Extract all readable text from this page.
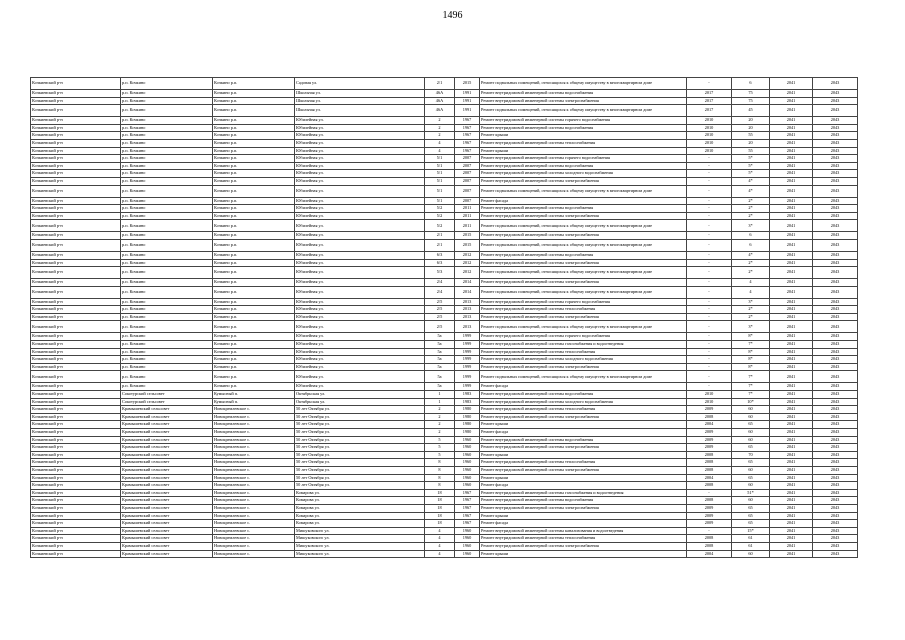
1496
Кочкиевский р-н	р.п. Кочкино	Кочкино р.п.	Садовая ул.	2/1	2015	Ремонт подвальных помещений, относящихся к общему имуществу в многоквартирном доме	-	6	2041	2043
Кочкиевский р-н	р.п. Кочкино	Кочкино р.п.	Школьная ул.	46А	1991	Ремонт внутридомовой инженерной системы водоснабжения	2017	75	2041	2043
Кочкиевский р-н	р.п. Кочкино	Кочкино р.п.	Школьная ул.	46А	1991	Ремонт внутридомовой инженерной системы электроснабжения	2017	75	2041	2043
Кочкиевский р-н	р.п. Кочкино	Кочкино р.п.	Школьная ул.	46А	1991	Ремонт подвальных помещений, относящихся к общему имуществу в многоквартирном доме	2017	45	2041	2043
Кочкиевский р-н	р.п. Кочкино	Кочкино р.п.	Юбилейная ул.	2	1967	Ремонт внутридомовой инженерной системы горячего водоснабжения	2010	20	2041	2043
Кочкиевский р-н	р.п. Кочкино	Кочкино р.п.	Юбилейная ул.	2	1967	Ремонт внутридомовой инженерной системы водоснабжения	2010	20	2041	2043
Кочкиевский р-н	р.п. Кочкино	Кочкино р.п.	Юбилейная ул.	2	1967	Ремонт крыши	2010	55	2041	2043
Кочкиевский р-н	р.п. Кочкино	Кочкино р.п.	Юбилейная ул.	4	1967	Ремонт внутридомовой инженерной системы теплоснабжения	2010	20	2041	2043
Кочкиевский р-н	р.п. Кочкино	Кочкино р.п.	Юбилейная ул.	4	1967	Ремонт крыши	2010	55	2041	2043
Кочкиевский р-н	р.п. Кочкино	Кочкино р.п.	Юбилейная ул.	5/1	2007	Ремонт внутридомовой инженерной системы горячего водоснабжения	-	5*	2041	2043
Кочкиевский р-н	р.п. Кочкино	Кочкино р.п.	Юбилейная ул.	5/1	2007	Ремонт внутридомовой инженерной системы водоснабжения	-	5*	2041	2043
Кочкиевский р-н	р.п. Кочкино	Кочкино р.п.	Юбилейная ул.	5/1	2007	Ремонт внутридомовой инженерной системы холодного водоснабжения	-	5*	2041	2043
Кочкиевский р-н	р.п. Кочкино	Кочкино р.п.	Юбилейная ул.	5/1	2007	Ремонт внутридомовой инженерной системы электроснабжения	-	4*	2041	2043
Кочкиевский р-н	р.п. Кочкино	Кочкино р.п.	Юбилейная ул.	5/1	2007	Ремонт подвальных помещений, относящихся к общему имуществу в многоквартирном доме	-	4*	2041	2043
Кочкиевский р-н	р.п. Кочкино	Кочкино р.п.	Юбилейная ул.	5/1	2007	Ремонт фасада	-	2*	2041	2043
Кочкиевский р-н	р.п. Кочкино	Кочкино р.п.	Юбилейная ул.	5/2	2011	Ремонт внутридомовой инженерной системы водоснабжения	-	2*	2041	2043
Кочкиевский р-н	р.п. Кочкино	Кочкино р.п.	Юбилейная ул.	5/2	2011	Ремонт внутридомовой инженерной системы электроснабжения	-	2*	2041	2043
Кочкиевский р-н	р.п. Кочкино	Кочкино р.п.	Юбилейная ул.	5/2	2011	Ремонт подвальных помещений, относящихся к общему имуществу в многоквартирном доме	-	3*	2041	2043
Кочкиевский р-н	р.п. Кочкино	Кочкино р.п.	Юбилейная ул.	2/1	2015	Ремонт внутридомовой инженерной системы электроснабжения	-	6	2041	2043
Кочкиевский р-н	р.п. Кочкино	Кочкино р.п.	Юбилейная ул.	2/1	2015	Ремонт подвальных помещений, относящихся к общему имуществу в многоквартирном доме	-	6	2041	2043
Кочкиевский р-н	р.п. Кочкино	Кочкино р.п.	Юбилейная ул.	6/3	2012	Ремонт внутридомовой инженерной системы водоснабжения	-	4*	2041	2043
Кочкиевский р-н	р.п. Кочкино	Кочкино р.п.	Юбилейная ул.	6/3	2012	Ремонт внутридомовой инженерной системы электроснабжения	-	2*	2041	2043
Кочкиевский р-н	р.п. Кочкино	Кочкино р.п.	Юбилейная ул.	5/3	2012	Ремонт подвальных помещений, относящихся к общему имуществу в многоквартирном доме	-	2*	2041	2043
Кочкиевский р-н	р.п. Кочкино	Кочкино р.п.	Юбилейная ул.	2/4	2014	Ремонт внутридомовой инженерной системы электроснабжения	-	4	2041	2043
Кочкиевский р-н	р.п. Кочкино	Кочкино р.п.	Юбилейная ул.	2/4	2014	Ремонт подвальных помещений, относящихся к общему имуществу в многоквартирном доме	-	4	2041	2043
Кочкиевский р-н	р.п. Кочкино	Кочкино р.п.	Юбилейная ул.	2/5	2013	Ремонт внутридомовой инженерной системы горячего водоснабжения	-	3*	2041	2043
Кочкиевский р-н	р.п. Кочкино	Кочкино р.п.	Юбилейная ул.	2/5	2013	Ремонт внутридомовой инженерной системы теплоснабжения	-	2*	2041	2043
Кочкиевский р-н	р.п. Кочкино	Кочкино р.п.	Юбилейная ул.	2/5	2013	Ремонт внутридомовой инженерной системы электроснабжения	-	2*	2041	2043
Кочкиевский р-н	р.п. Кочкино	Кочкино р.п.	Юбилейная ул.	2/5	2013	Ремонт подвальных помещений, относящихся к общему имуществу в многоквартирном доме	-	3*	2041	2043
Кочкиевский р-н	р.п. Кочкино	Кочкино р.п.	Юбилейная ул.	5а	1999	Ремонт внутридомовой инженерной системы горячего водоснабжения	-	8*	2041	2043
Кочкиевский р-н	р.п. Кочкино	Кочкино р.п.	Юбилейная ул.	5а	1999	Ремонт внутридомовой инженерной системы газоснабжения и водоотведения	-	7*	2041	2043
Кочкиевский р-н	р.п. Кочкино	Кочкино р.п.	Юбилейная ул.	5а	1999	Ремонт внутридомовой инженерной системы теплоснабжения	-	8*	2041	2043
Кочкиевский р-н	р.п. Кочкино	Кочкино р.п.	Юбилейная ул.	5а	1999	Ремонт внутридомовой инженерной системы холодного водоснабжения	-	8*	2041	2043
Кочкиевский р-н	р.п. Кочкино	Кочкино р.п.	Юбилейная ул.	5а	1999	Ремонт внутридомовой инженерной системы электроснабжения	-	8*	2041	2043
Кочкиевский р-н	р.п. Кочкино	Кочкино р.п.	Юбилейная ул.	5а	1999	Ремонт подвальных помещений, относящихся к общему имуществу в многоквартирном доме	-	7*	2041	2043
Кочкиевский р-н	р.п. Кочкино	Кочкино р.п.	Юбилейная ул.	5а	1999	Ремонт фасада	-	7*	2041	2043
Кочкиевский р-н	Сокотурский сельсовет	Кумысный п.	Октябрьская ул.	1	1983	Ремонт внутридомовой инженерной системы водоснабжения	2010	7*	2041	2043
Кочкиевский р-н	Сокотурский сельсовет	Кумысный п.	Октябрьская ул.	1	1983	Ремонт внутридомовой инженерной системы холодного водоснабжения	2010	10*	2041	2043
Кочкиевский р-н	Крамышевский сельсовет	Новокремлевское с.	50 лет Октября ул.	2	1980	Ремонт внутридомовой инженерной системы теплоснабжения	2009	60	2041	2043
Кочкиевский р-н	Крамышевский сельсовет	Новокремлевское с.	50 лет Октября ул.	2	1980	Ремонт внутридомовой инженерной системы электроснабжения	2008	60	2041	2043
Кочкиевский р-н	Крамышевский сельсовет	Новокремлевское с.	50 лет Октября ул.	2	1980	Ремонт крыши	2004	65	2041	2043
Кочкиевский р-н	Крамышевский сельсовет	Новокремлевское с.	50 лет Октября ул.	2	1980	Ремонт фасада	2009	60	2041	2043
Кочкиевский р-н	Крамышевский сельсовет	Новокремлевское с.	50 лет Октября ул.	5	1960	Ремонт внутридомовой инженерной системы водоснабжения	2009	60	2041	2043
Кочкиевский р-н	Крамышевский сельсовет	Новокремлевское с.	50 лет Октября ул.	5	1960	Ремонт внутридомовой инженерной системы электроснабжения	2009	65	2041	2043
Кочкиевский р-н	Крамышевский сельсовет	Новокремлевское с.	50 лет Октября ул.	5	1960	Ремонт крыши	2008	70	2041	2043
Кочкиевский р-н	Крамышевский сельсовет	Новокремлевское с.	50 лет Октября ул.	8	1960	Ремонт внутридомовой инженерной системы теплоснабжения	2008	65	2041	2043
Кочкиевский р-н	Крамышевский сельсовет	Новокремлевское с.	50 лет Октября ул.	8	1960	Ремонт внутридомовой инженерной системы электроснабжения	2008	60	2041	2043
Кочкиевский р-н	Крамышевский сельсовет	Новокремлевское с.	50 лет Октября ул.	8	1960	Ремонт крыши	2004	65	2041	2043
Кочкиевский р-н	Крамышевский сельсовет	Новокремлевское с.	50 лет Октября ул.	8	1960	Ремонт фасада	2008	60	2041	2043
Кочкиевский р-н	Крамышевский сельсовет	Новокремлевское с.	Комарова ул.	18	1967	Ремонт внутридомовой инженерной системы газоснабжения и водоотведения	-	51*	2041	2043
Кочкиевский р-н	Крамышевский сельсовет	Новокремлевское с.	Комарова ул.	18	1967	Ремонт внутридомовой инженерной системы водоснабжения	2008	60	2041	2043
Кочкиевский р-н	Крамышевский сельсовет	Новокремлевское с.	Комарова ул.	18	1967	Ремонт внутридомовой инженерной системы электроснабжения	2009	65	2041	2043
Кочкиевский р-н	Крамышевский сельсовет	Новокремлевское с.	Комарова ул.	18	1967	Ремонт крыши	2009	65	2041	2043
Кочкиевский р-н	Крамышевский сельсовет	Новокремлевское с.	Комарова ул.	18	1967	Ремонт фасада	2009	65	2041	2043
Кочкиевский р-н	Крамышевский сельсовет	Новокремлевское с.	Мишуковского ул.	4	1960	Ремонт внутридомовой инженерной системы канализования и водоотведения	-	15*	2041	2043
Кочкиевский р-н	Крамышевский сельсовет	Новокремлевское с.	Мишуковского ул.	4	1960	Ремонт внутридомовой инженерной системы теплоснабжения	2008	61	2041	2043
Кочкиевский р-н	Крамышевский сельсовет	Новокремлевское с.	Мишуковского ул.	4	1960	Ремонт внутридомовой инженерной системы электроснабжения	2008	61	2041	2043
Кочкиевский р-н	Крамышевский сельсовет	Новокремлевское с.	Мишуковского ул.	4	1960	Ремонт крыши	2004	60	2041	2043
